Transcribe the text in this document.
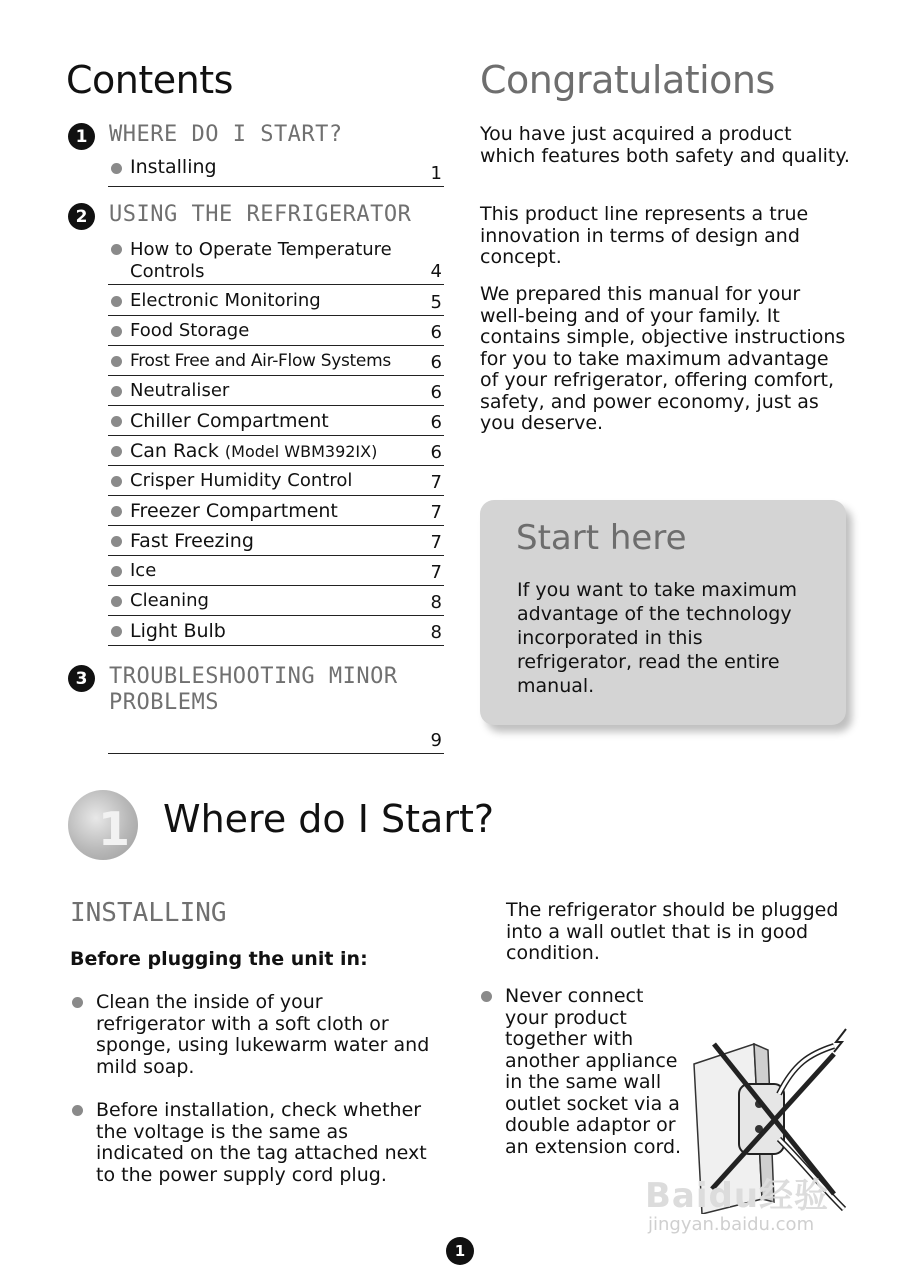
Contents
1 WHERE DO I START?
Installing	1
2 USING THE REFRIGERATOR
How to Operate Temperature Controls	4
Electronic Monitoring	5
Food Storage	6
Frost Free and Air-Flow Systems	6
Neutraliser	6
Chiller Compartment	6
Can Rack (Model WBM392IX)	6
Crisper Humidity Control	7
Freezer Compartment	7
Fast Freezing	7
Ice	7
Cleaning	8
Light Bulb	8
3 TROUBLESHOOTING MINOR PROBLEMS
9
Congratulations
You have just acquired a product which features both safety and quality.
This product line represents a true innovation in terms of design and concept.
We prepared this manual for your well-being and of your family. It contains simple, objective instructions for you to take maximum advantage of your refrigerator, offering comfort, safety, and power economy, just as you deserve.
Start here
If you want to take maximum advantage of the technology incorporated in this refrigerator, read the entire manual.
1 Where do I Start?
INSTALLING
Before plugging the unit in:
Clean the inside of your refrigerator with a soft cloth or sponge, using lukewarm water and mild soap.
Before installation, check whether the voltage is the same as indicated on the tag attached next to the power supply cord plug.
The refrigerator should be plugged into a wall outlet that is in good condition.
Never connect your product together with another appliance in the same wall outlet socket via a double adaptor or an extension cord.
Baidu经验
jingyan.baidu.com
1
